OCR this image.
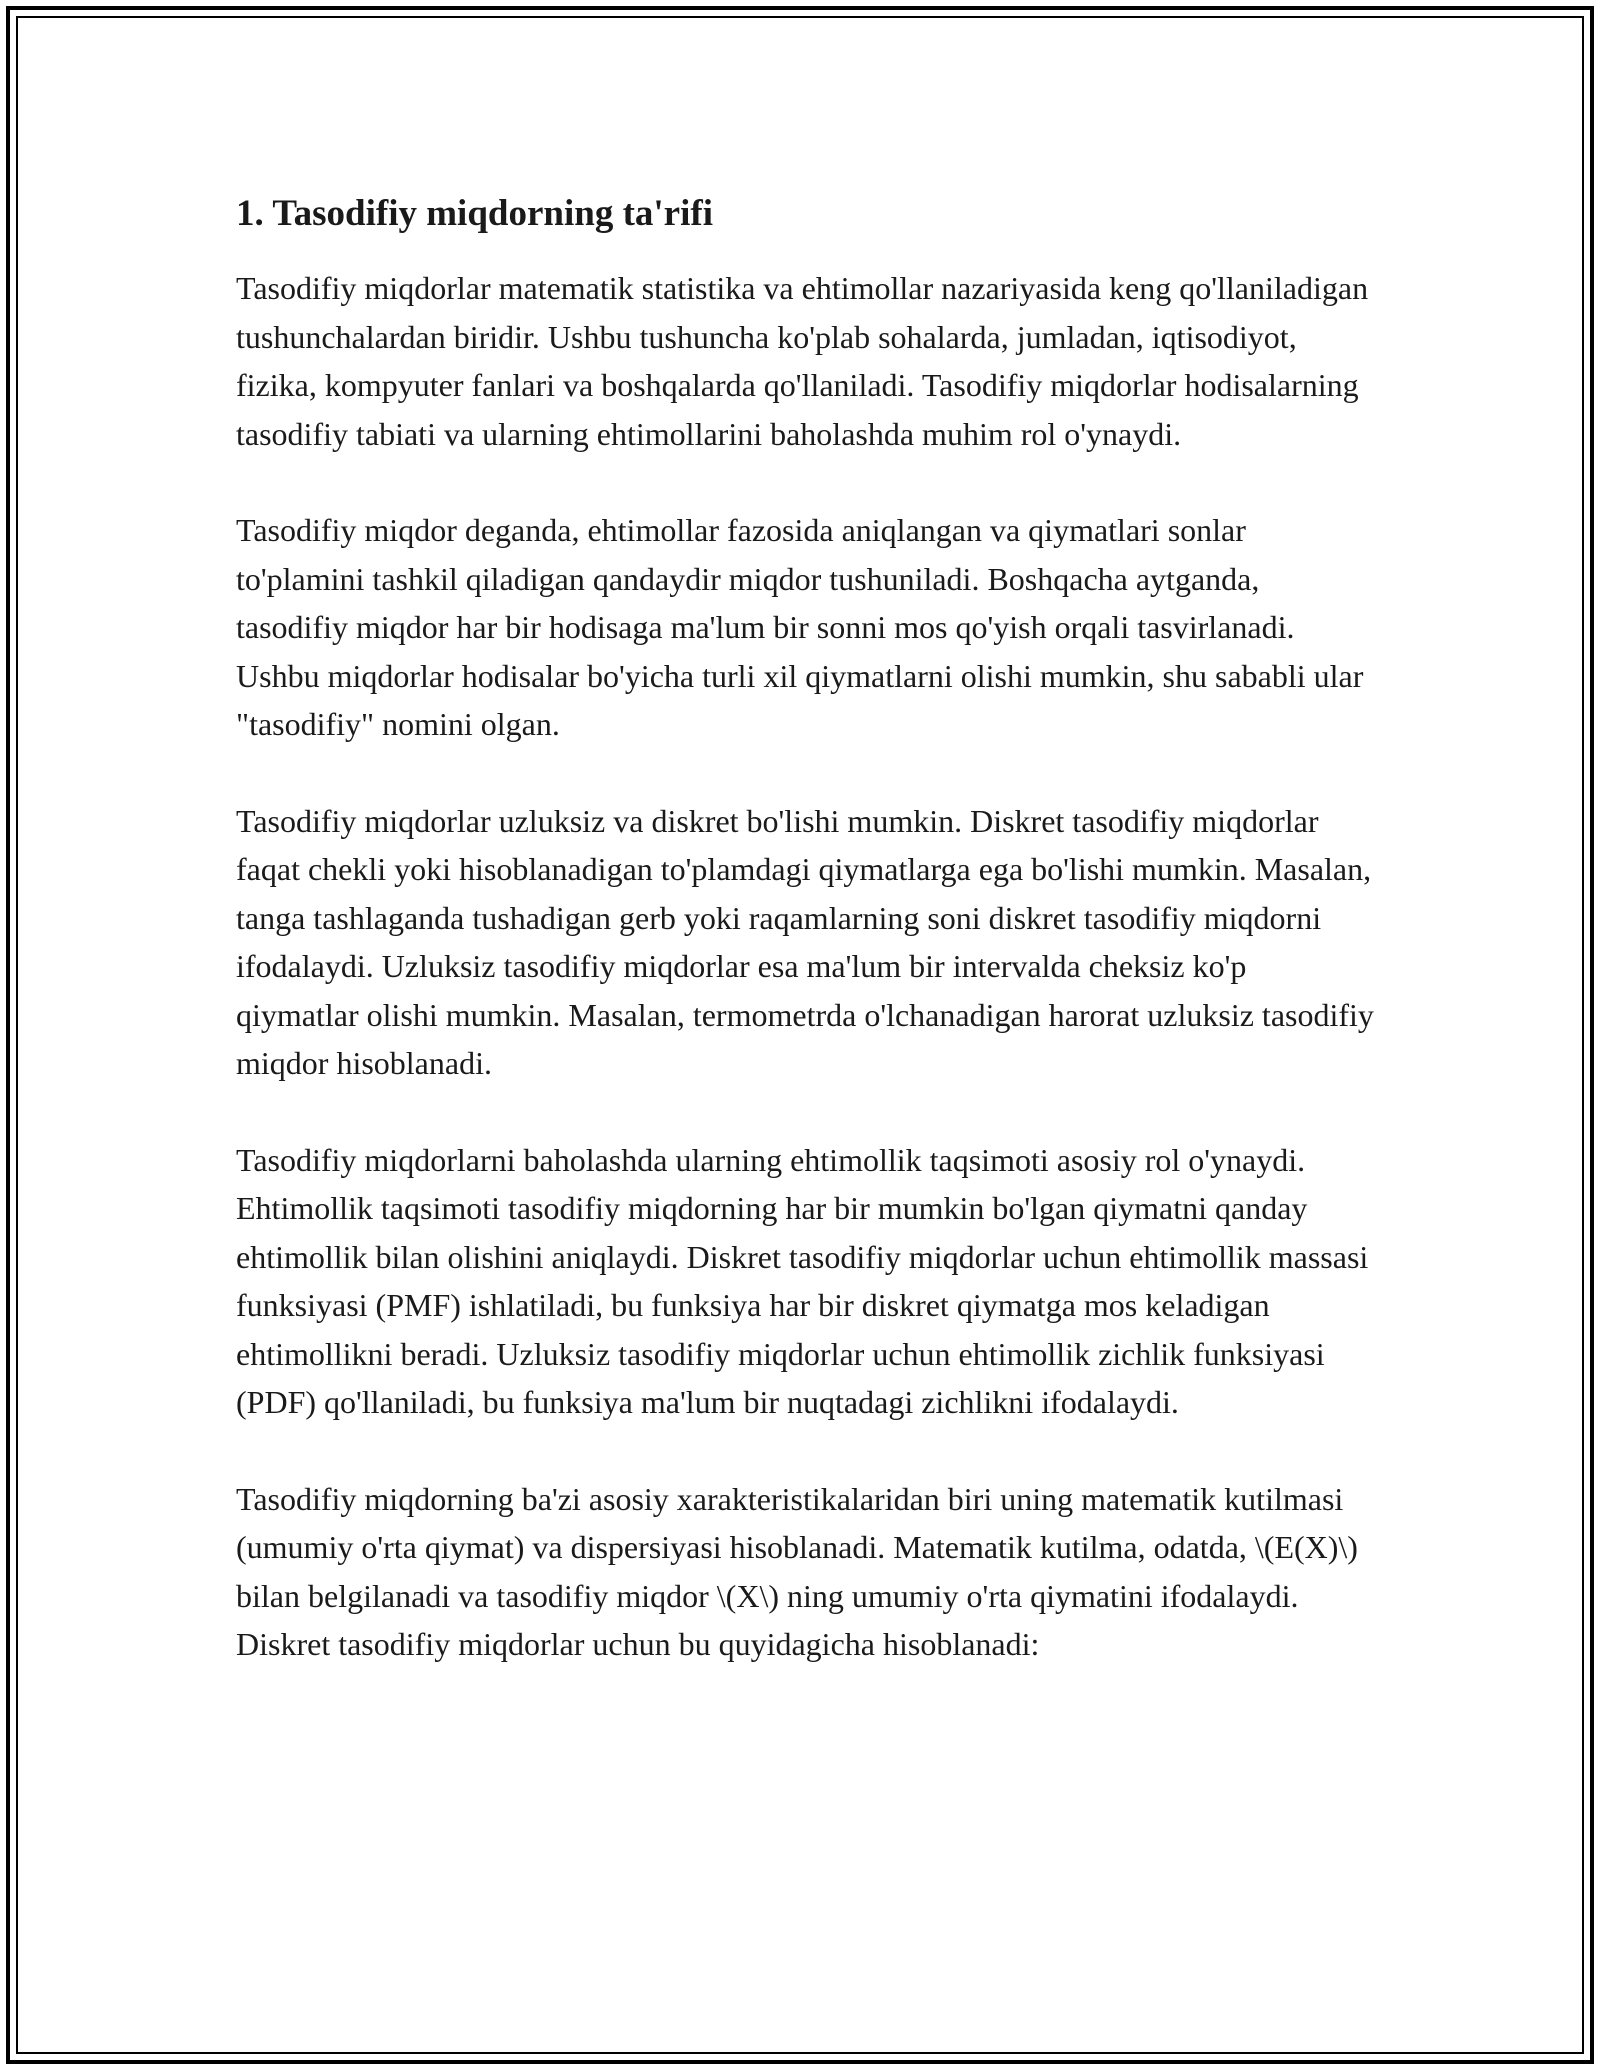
1. Tasodifiy miqdorning ta'rifi

Tasodifiy miqdorlar matematik statistika va ehtimollar nazariyasida keng qo'llaniladigan tushunchalardan biridir. Ushbu tushuncha ko'plab sohalarda, jumladan, iqtisodiyot, fizika, kompyuter fanlari va boshqalarda qo'llaniladi. Tasodifiy miqdorlar hodisalarning tasodifiy tabiati va ularning ehtimollarini baholashda muhim rol o'ynaydi.

Tasodifiy miqdor deganda, ehtimollar fazosida aniqlangan va qiymatlari sonlar to'plamini tashkil qiladigan qandaydir miqdor tushuniladi. Boshqacha aytganda, tasodifiy miqdor har bir hodisaga ma'lum bir sonni mos qo'yish orqali tasvirlanadi. Ushbu miqdorlar hodisalar bo'yicha turli xil qiymatlarni olishi mumkin, shu sababli ular "tasodifiy" nomini olgan.

Tasodifiy miqdorlar uzluksiz va diskret bo'lishi mumkin. Diskret tasodifiy miqdorlar faqat chekli yoki hisoblanadigan to'plamdagi qiymatlarga ega bo'lishi mumkin. Masalan, tanga tashlaganda tushadigan gerb yoki raqamlarning soni diskret tasodifiy miqdorni ifodalaydi. Uzluksiz tasodifiy miqdorlar esa ma'lum bir intervalda cheksiz ko'p qiymatlar olishi mumkin. Masalan, termometrda o'lchanadigan harorat uzluksiz tasodifiy miqdor hisoblanadi.

Tasodifiy miqdorlarni baholashda ularning ehtimollik taqsimoti asosiy rol o'ynaydi. Ehtimollik taqsimoti tasodifiy miqdorning har bir mumkin bo'lgan qiymatni qanday ehtimollik bilan olishini aniqlaydi. Diskret tasodifiy miqdorlar uchun ehtimollik massasi funksiyasi (PMF) ishlatiladi, bu funksiya har bir diskret qiymatga mos keladigan ehtimollikni beradi. Uzluksiz tasodifiy miqdorlar uchun ehtimollik zichlik funksiyasi (PDF) qo'llaniladi, bu funksiya ma'lum bir nuqtadagi zichlikni ifodalaydi.

Tasodifiy miqdorning ba'zi asosiy xarakteristikalaridan biri uning matematik kutilmasi (umumiy o'rta qiymat) va dispersiyasi hisoblanadi. Matematik kutilma, odatda, \(E(X)\) bilan belgilanadi va tasodifiy miqdor \(X\) ning umumiy o'rta qiymatini ifodalaydi. Diskret tasodifiy miqdorlar uchun bu quyidagicha hisoblanadi:
